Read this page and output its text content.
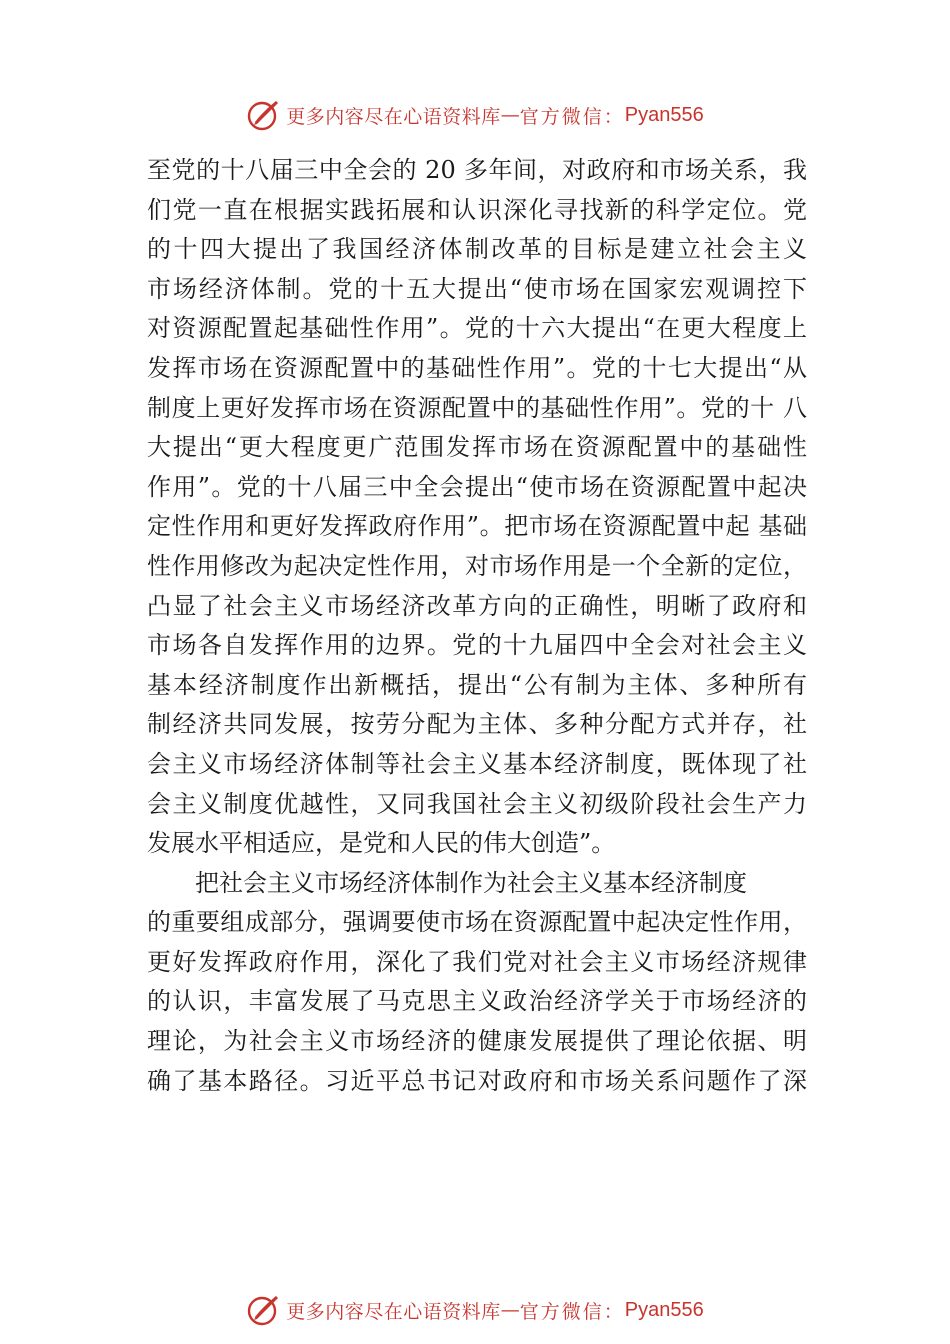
更多内容尽在心语资料库 — 官方微信： Pyan556
至党的十八届三中全会的 20 多年间，对政府和市场关系，我
们党一直在根据实践拓展和认识深化寻找新的科学定位。党
的十四大提出了我国经济体制改革的目标是建立社会主义
市场经济体制。党的十五大提出“使市场在国家宏观调控下
对资源配置起基础性作用”。党的十六大提出“在更大程度上
发挥市场在资源配置中的基础性作用”。党的十七大提出“从
制度上更好发挥市场在资源配置中的基础性作用”。党的十 八
大提出“更大程度更广范围发挥市场在资源配置中的基础性
作用”。党的十八届三中全会提出“使市场在资源配置中起决
定性作用和更好发挥政府作用”。把市场在资源配置中起 基础
性作用修改为起决定性作用，对市场作用是一个全新的定位，
凸显了社会主义市场经济改革方向的正确性，明晰了政府和
市场各自发挥作用的边界。党的十九届四中全会对社会主义
基本经济制度作出新概括，提出“公有制为主体、多种所有
制经济共同发展，按劳分配为主体、多种分配方式并存，社
会主义市场经济体制等社会主义基本经济制度，既体现了社
会主义制度优越性，又同我国社会主义初级阶段社会生产力
发展水平相适应，是党和人民的伟大创造”。
把社会主义市场经济体制作为社会主义基本经济制度
的重要组成部分，强调要使市场在资源配置中起决定性作用，
更好发挥政府作用，深化了我们党对社会主义市场经济规律
的认识，丰富发展了马克思主义政治经济学关于市场经济的
理论，为社会主义市场经济的健康发展提供了理论依据、明
确了基本路径。习近平总书记对政府和市场关系问题作了深
更多内容尽在心语资料库 — 官方微信： Pyan556
